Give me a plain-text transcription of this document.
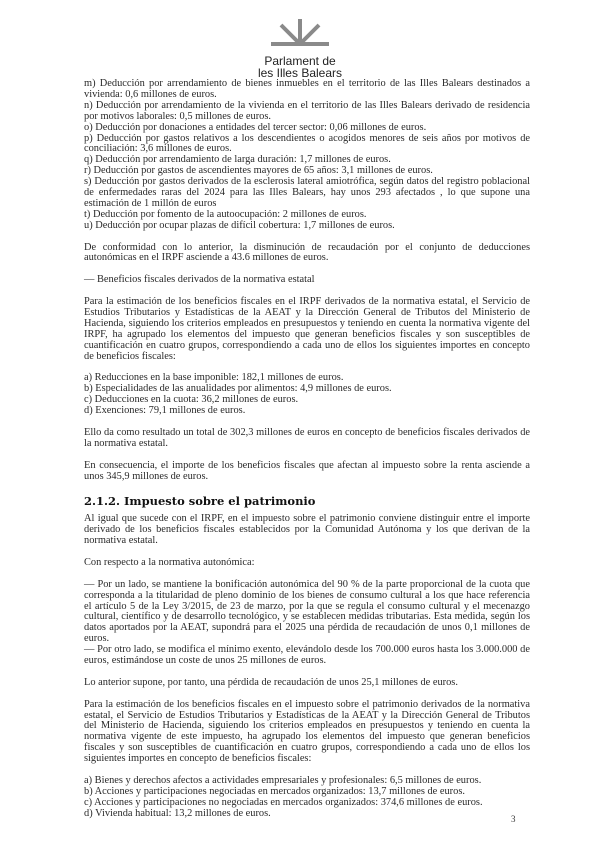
Parlament de
les Illes Balears

m) Deducción por arrendamiento de bienes inmuebles en el territorio de las Illes Balears destinados a vivienda: 0,6 millones de euros.

n) Deducción por arrendamiento de la vivienda en el territorio de las Illes Balears derivado de residencia por motivos laborales: 0,5 millones de euros.

o) Deducción por donaciones a entidades del tercer sector: 0,06 millones de euros.

p) Deducción por gastos relativos a los descendientes o acogidos menores de seis años por motivos de conciliación: 3,6 millones de euros.

q) Deducción por arrendamiento de larga duración: 1,7 millones de euros.

r) Deducción por gastos de ascendientes mayores de 65 años: 3,1 millones de euros.

s) Deducción por gastos derivados de la esclerosis lateral amiotrófica, según datos del registro poblacional de enfermedades raras del 2024 para las Illes Balears, hay unos 293 afectados , lo que supone una estimación de 1 millón de euros

t) Deducción por fomento de la autoocupación: 2 millones de euros.

u) Deducción por ocupar plazas de difícil cobertura: 1,7 millones de euros.

De conformidad con lo anterior, la disminución de recaudación por el conjunto de deducciones autonómicas en el IRPF asciende a 43.6 millones de euros.

— Beneficios fiscales derivados de la normativa estatal

Para la estimación de los beneficios fiscales en el IRPF derivados de la normativa estatal, el Servicio de Estudios Tributarios y Estadísticas de la AEAT y la Dirección General de Tributos del Ministerio de Hacienda, siguiendo los criterios empleados en presupuestos y teniendo en cuenta la normativa vigente del IRPF, ha agrupado los elementos del impuesto que generan beneficios fiscales y son susceptibles de cuantificación en cuatro grupos, correspondiendo a cada uno de ellos los siguientes importes en concepto de beneficios fiscales:

a) Reducciones en la base imponible: 182,1 millones de euros.

b) Especialidades de las anualidades por alimentos: 4,9 millones de euros.

c) Deducciones en la cuota: 36,2 millones de euros.

d) Exenciones: 79,1 millones de euros.

Ello da como resultado un total de 302,3 millones de euros en concepto de beneficios fiscales derivados de la normativa estatal.

En consecuencia, el importe de los beneficios fiscales que afectan al impuesto sobre la renta asciende a unos 345,9 millones de euros.

2.1.2. Impuesto sobre el patrimonio

Al igual que sucede con el IRPF, en el impuesto sobre el patrimonio conviene distinguir entre el importe derivado de los beneficios fiscales establecidos por la Comunidad Autónoma y los que derivan de la normativa estatal.

Con respecto a la normativa autonómica:

— Por un lado, se mantiene la bonificación autonómica del 90 % de la parte proporcional de la cuota que corresponda a la titularidad de pleno dominio de los bienes de consumo cultural a los que hace referencia el artículo 5 de la Ley 3/2015, de 23 de marzo, por la que se regula el consumo cultural y el mecenazgo cultural, científico y de desarrollo tecnológico, y se establecen medidas tributarias. Esta medida, según los datos aportados por la AEAT, supondrá para el 2025 una pérdida de recaudación de unos 0,1 millones de euros.

— Por otro lado, se modifica el mínimo exento, elevándolo desde los 700.000 euros hasta los 3.000.000 de euros, estimándose un coste de unos 25 millones de euros.

Lo anterior supone, por tanto, una pérdida de recaudación de unos 25,1 millones de euros.

Para la estimación de los beneficios fiscales en el impuesto sobre el patrimonio derivados de la normativa estatal, el Servicio de Estudios Tributarios y Estadísticas de la AEAT y la Dirección General de Tributos del Ministerio de Hacienda, siguiendo los criterios empleados en presupuestos y teniendo en cuenta la normativa vigente de este impuesto, ha agrupado los elementos del impuesto que generan beneficios fiscales y son susceptibles de cuantificación en cuatro grupos, correspondiendo a cada uno de ellos los siguientes importes en concepto de beneficios fiscales:

a) Bienes y derechos afectos a actividades empresariales y profesionales: 6,5 millones de euros.

b) Acciones y participaciones negociadas en mercados organizados: 13,7 millones de euros.

c) Acciones y participaciones no negociadas en mercados organizados: 374,6 millones de euros.

d) Vivienda habitual: 13,2 millones de euros.

3
